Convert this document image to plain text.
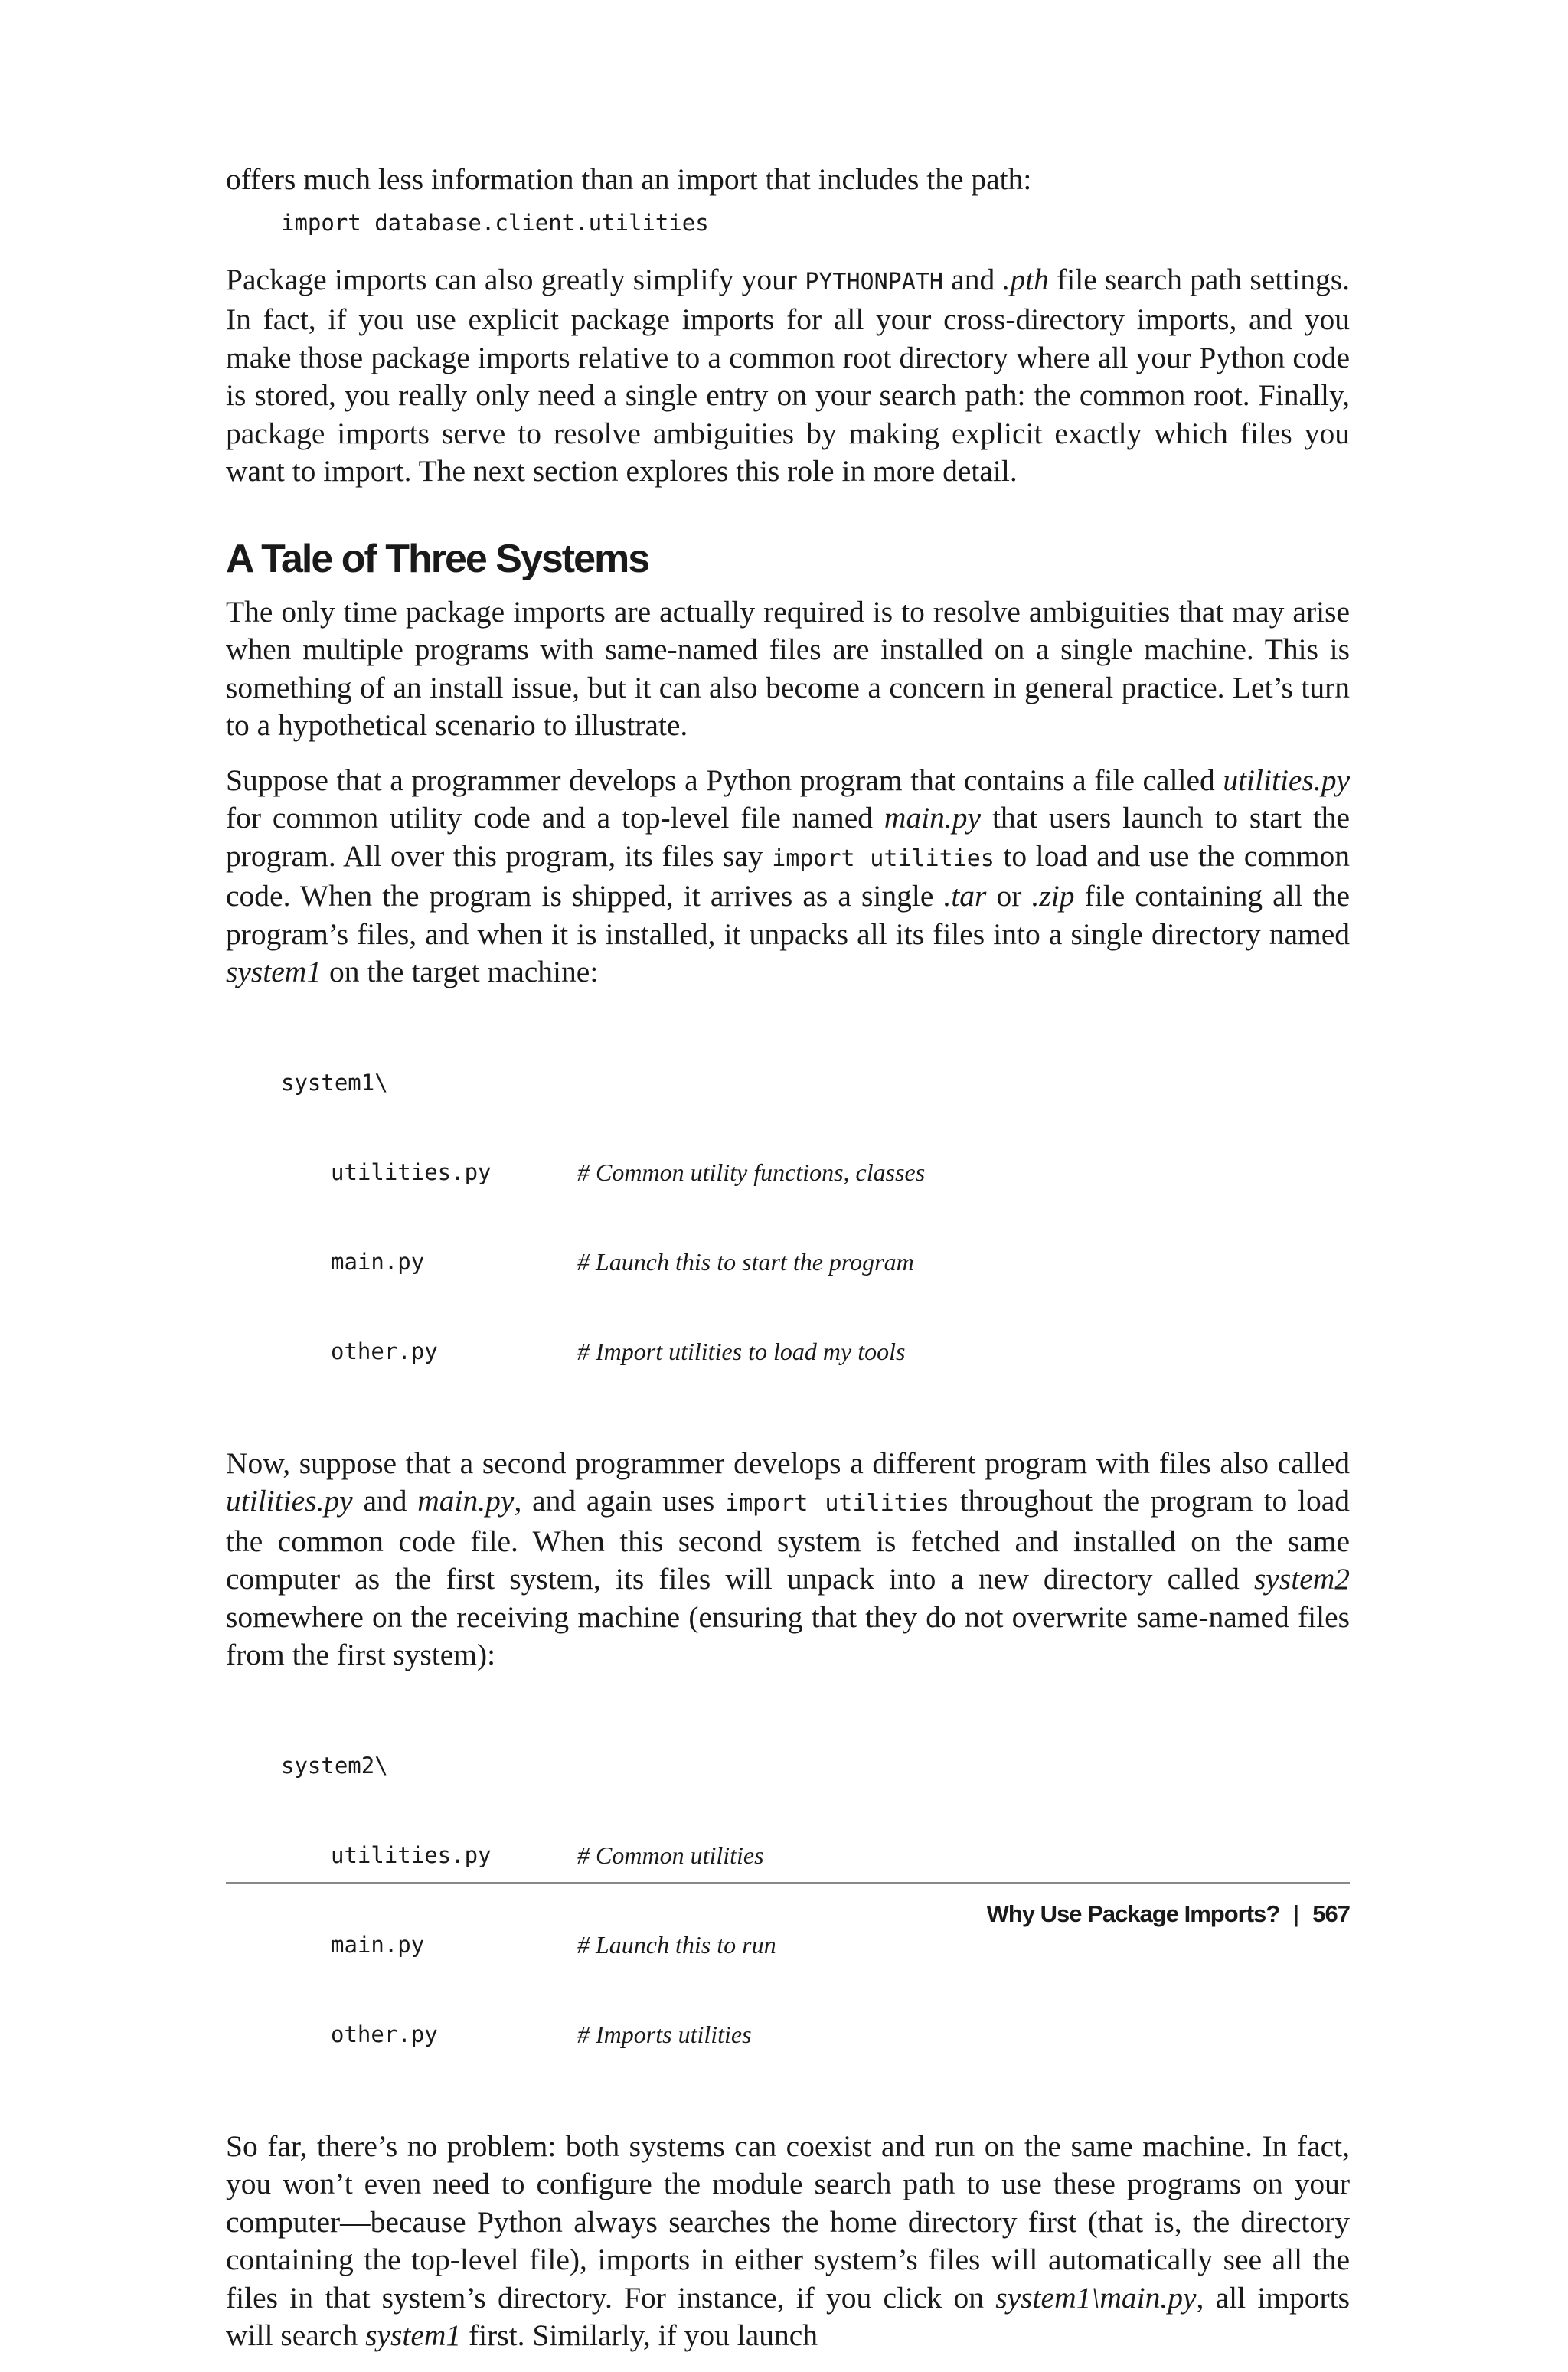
offers much less information than an import that includes the path:

import database.client.utilities

Package imports can also greatly simplify your PYTHONPATH and .pth file search path settings. In fact, if you use explicit package imports for all your cross-directory imports, and you make those package imports relative to a common root directory where all your Python code is stored, you really only need a single entry on your search path: the common root. Finally, package imports serve to resolve ambiguities by making explicit exactly which files you want to import. The next section explores this role in more detail.

A Tale of Three Systems

The only time package imports are actually required is to resolve ambiguities that may arise when multiple programs with same-named files are installed on a single machine. This is something of an install issue, but it can also become a concern in general practice. Let’s turn to a hypothetical scenario to illustrate.

Suppose that a programmer develops a Python program that contains a file called utilities.py for common utility code and a top-level file named main.py that users launch to start the program. All over this program, its files say import utilities to load and use the common code. When the program is shipped, it arrives as a single .tar or .zip file containing all the program’s files, and when it is installed, it unpacks all its files into a single directory named system1 on the target machine:

system1\

utilities.py	# Common utility functions, classes

main.py	# Launch this to start the program

other.py	# Import utilities to load my tools

Now, suppose that a second programmer develops a different program with files also called utilities.py and main.py, and again uses import utilities throughout the program to load the common code file. When this second system is fetched and installed on the same computer as the first system, its files will unpack into a new directory called system2 somewhere on the receiving machine (ensuring that they do not overwrite same-named files from the first system):

system2\

utilities.py	# Common utilities

main.py	# Launch this to run

other.py	# Imports utilities

So far, there’s no problem: both systems can coexist and run on the same machine. In fact, you won’t even need to configure the module search path to use these programs on your computer—because Python always searches the home directory first (that is, the directory containing the top-level file), imports in either system’s files will automatically see all the files in that system’s directory. For instance, if you click on system1\main.py, all imports will search system1 first. Similarly, if you launch

Why Use Package Imports? | 567
